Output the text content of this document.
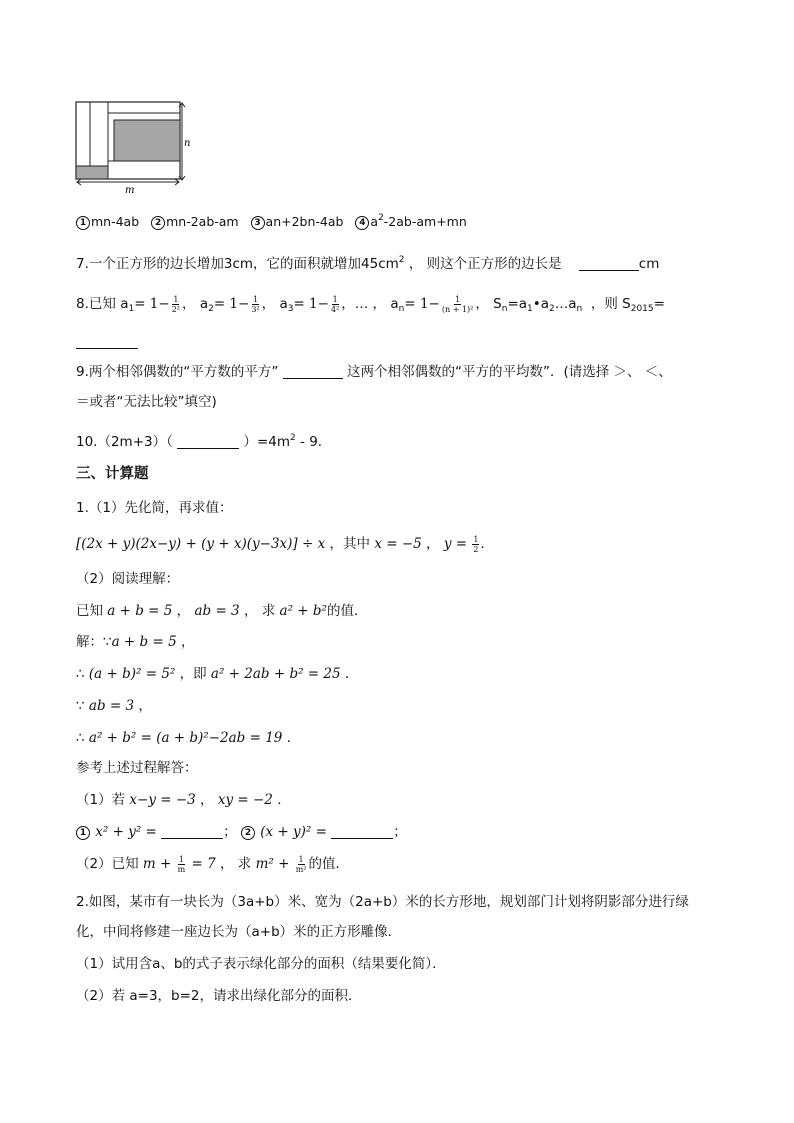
n
m
1 mn-4ab 2 mn-2ab-am 3 an+2bn-4ab 4 $a^2-2ab-am+mn$
7.一个正方形的边长增加3cm，它的面积就增加$45cm^2$ ， 则这个正方形的边长是	cm
8.已知 $a_1= 1- \frac{1}{\text{2²}}$ ， $a_2= 1- \frac{1}{\text{3²}}$ ， $a_3= 1- \frac{1}{\text{4²}}$ ，… ， $a_n= 1- \frac{1}{\text{(n + 1)²}}$ ， $S_n=a_1•a_2\dots a_n$ ，则 $S_{2015}=$
9.两个相邻偶数的“平方数的平方”	这两个相邻偶数的“平方的平均数”．(请选择 ＞、 ＜、
＝或者“无法比较”填空)
10.（2m+3）（	）$=4m^2 - 9$．
三、计算题
1.（1）先化简，再求值：
[(2x + y)(2x−y) + (y + x)(y−3x)] ÷ x ，其中 x = −5 ， $y = \frac{1}{2}$ ．
（2）阅读理解：
已知 a + b = 5 ， ab = 3 ， 求 a² + b²的值．
解：∵a + b = 5 ，
∴ (a + b)² = 5² ，即 a² + 2ab + b² = 25 ．
∵ ab = 3 ，
∴ a² + b² = (a + b)²−2ab = 19 ．
参考上述过程解答：
（1）若 x−y = −3 ， xy = −2 ．
1 x² + y² =	； 2 (x + y)² =	；
（2）已知 $m + \frac{1}{m} = 7$ ， 求 $m^2 + \frac{1}{\text{m²}}$ 的值．
2.如图，某市有一块长为（3a+b）米、宽为（2a+b）米的长方形地，规划部门计划将阴影部分进行绿
化，中间将修建一座边长为（a+b）米的正方形雕像．
（1）试用含a、b的式子表示绿化部分的面积（结果要化简）．
（2）若 a=3，b=2，请求出绿化部分的面积．
